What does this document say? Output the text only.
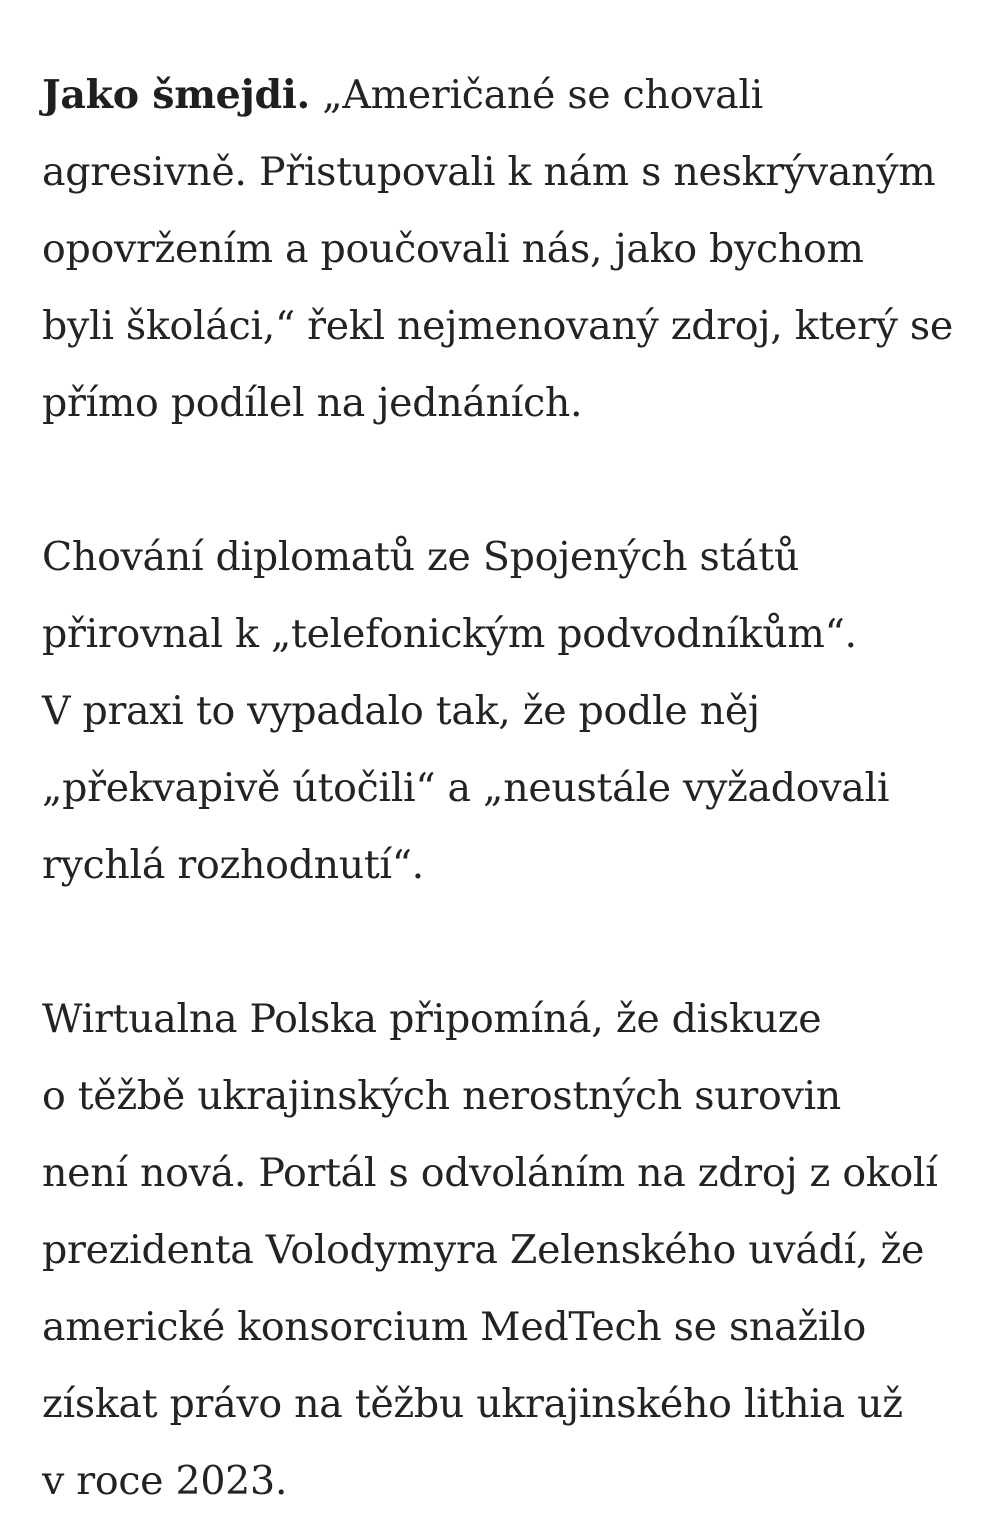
Jako šmejdi. „Američané se chovali
agresivně. Přistupovali k nám s neskrývaným
opovržením a poučovali nás, jako bychom
byli školáci,“ řekl nejmenovaný zdroj, který se
přímo podílel na jednáních.

Chování diplomatů ze Spojených států
přirovnal k „telefonickým podvodníkům“.
V praxi to vypadalo tak, že podle něj
„překvapivě útočili“ a „neustále vyžadovali
rychlá rozhodnutí“.

Wirtualna Polska připomíná, že diskuze
o těžbě ukrajinských nerostných surovin
není nová. Portál s odvoláním na zdroj z okolí
prezidenta Volodymyra Zelenského uvádí, že
americké konsorcium MedTech se snažilo
získat právo na těžbu ukrajinského lithia už
v roce 2023.
